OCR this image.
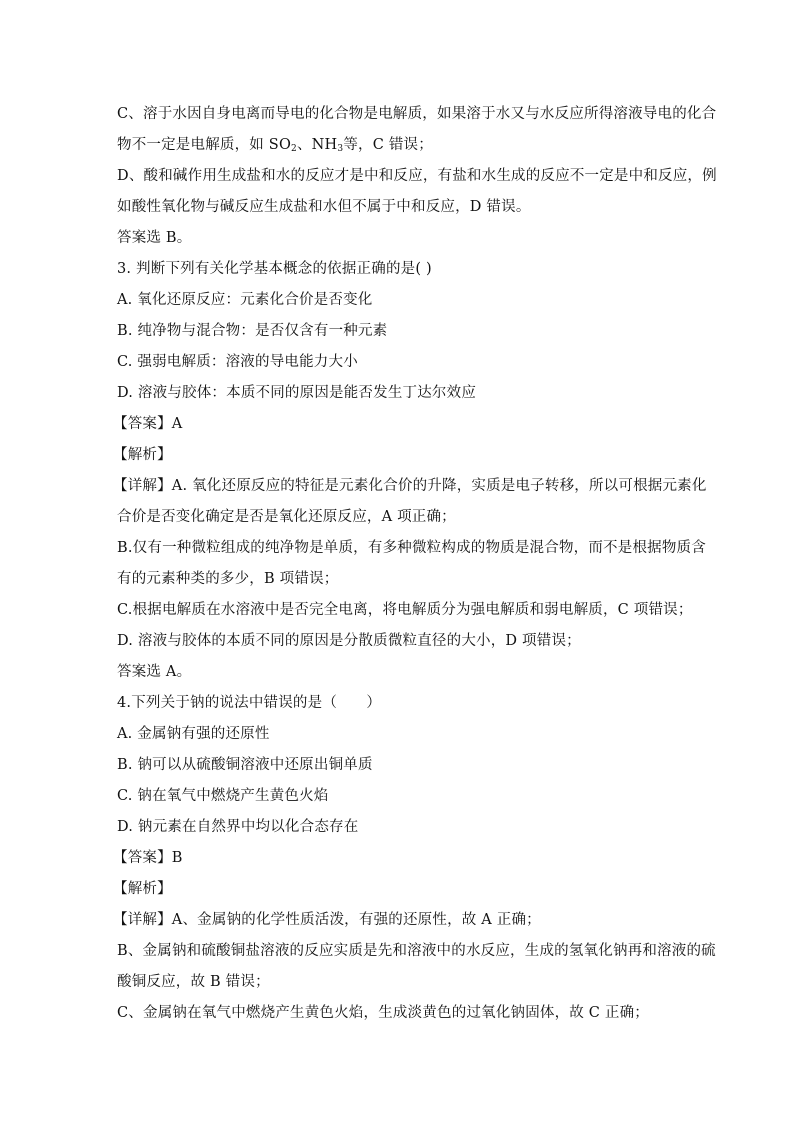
C、溶于水因自身电离而导电的化合物是电解质，如果溶于水又与水反应所得溶液导电的化合
物不一定是电解质，如 $SO_2$、$NH_3$等，C 错误；
D、酸和碱作用生成盐和水的反应才是中和反应，有盐和水生成的反应不一定是中和反应，例
如酸性氧化物与碱反应生成盐和水但不属于中和反应，D 错误。
答案选 B。
3. 判断下列有关化学基本概念的依据正确的是( )
A. 氧化还原反应：元素化合价是否变化
B. 纯净物与混合物：是否仅含有一种元素
C. 强弱电解质：溶液的导电能力大小
D. 溶液与胶体：本质不同的原因是能否发生丁达尔效应
【答案】A
【解析】
【详解】A. 氧化还原反应的特征是元素化合价的升降，实质是电子转移，所以可根据元素化
合价是否变化确定是否是氧化还原反应，A 项正确；
B.仅有一种微粒组成的纯净物是单质，有多种微粒构成的物质是混合物，而不是根据物质含
有的元素种类的多少，B 项错误；
C.根据电解质在水溶液中是否完全电离，将电解质分为强电解质和弱电解质，C 项错误；
D. 溶液与胶体的本质不同的原因是分散质微粒直径的大小，D 项错误；
答案选 A。
4.下列关于钠的说法中错误的是（　　）
A. 金属钠有强的还原性
B. 钠可以从硫酸铜溶液中还原出铜单质
C. 钠在氧气中燃烧产生黄色火焰
D. 钠元素在自然界中均以化合态存在
【答案】B
【解析】
【详解】A、金属钠的化学性质活泼，有强的还原性，故 A 正确；
B、金属钠和硫酸铜盐溶液的反应实质是先和溶液中的水反应，生成的氢氧化钠再和溶液的硫
酸铜反应，故 B 错误；
C、金属钠在氧气中燃烧产生黄色火焰，生成淡黄色的过氧化钠固体，故 C 正确；
